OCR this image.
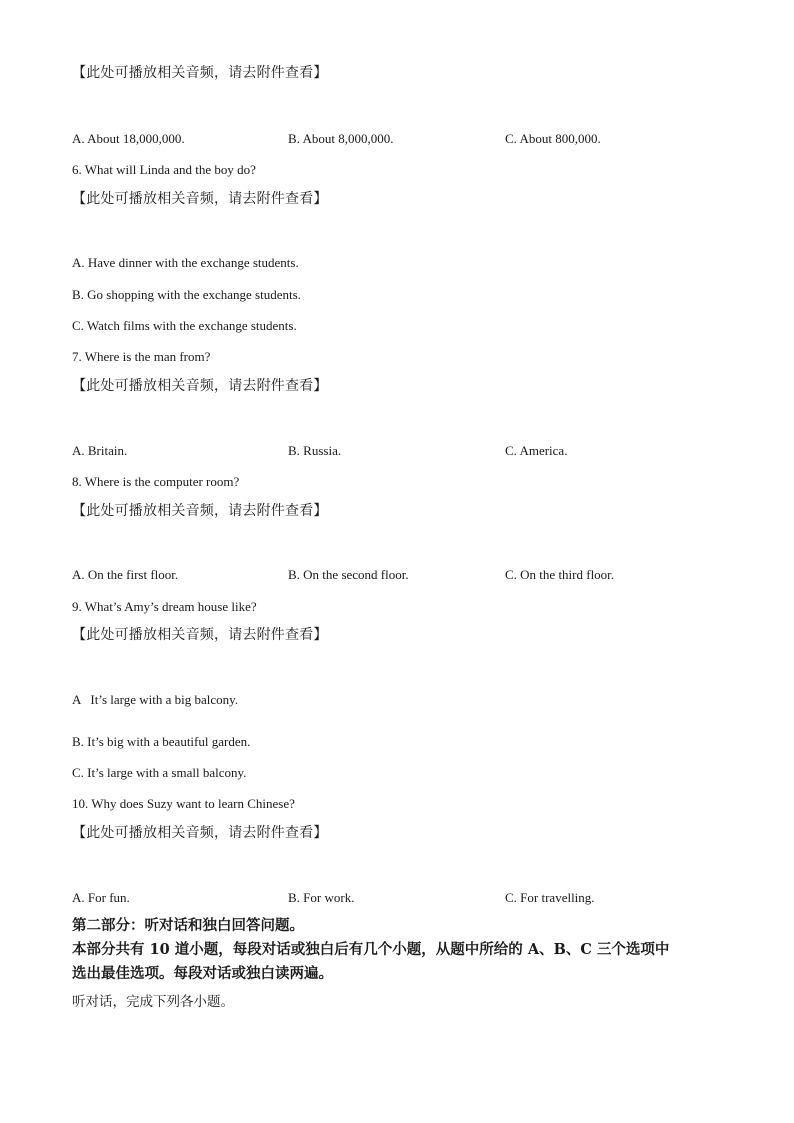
【此处可播放相关音频，请去附件查看】
A. About 18,000,000.	B. About 8,000,000.	C. About 800,000.
6. What will Linda and the boy do?
【此处可播放相关音频，请去附件查看】
A. Have dinner with the exchange students.
B. Go shopping with the exchange students.
C. Watch films with the exchange students.
7. Where is the man from?
【此处可播放相关音频，请去附件查看】
A. Britain.	B. Russia.	C. America.
8. Where is the computer room?
【此处可播放相关音频，请去附件查看】
A. On the first floor.	B. On the second floor.	C. On the third floor.
9. What’s Amy’s dream house like?
【此处可播放相关音频，请去附件查看】
A   It’s large with a big balcony.
B. It’s big with a beautiful garden.
C. It’s large with a small balcony.
10. Why does Suzy want to learn Chinese?
【此处可播放相关音频，请去附件查看】
A. For fun.	B. For work.	C. For travelling.
第二部分：听对话和独白回答问题。
本部分共有 10 道小题，每段对话或独白后有几个小题，从题中所给的 A、B、C 三个选项中
选出最佳选项。每段对话或独白读两遍。
听对话，完成下列各小题。
